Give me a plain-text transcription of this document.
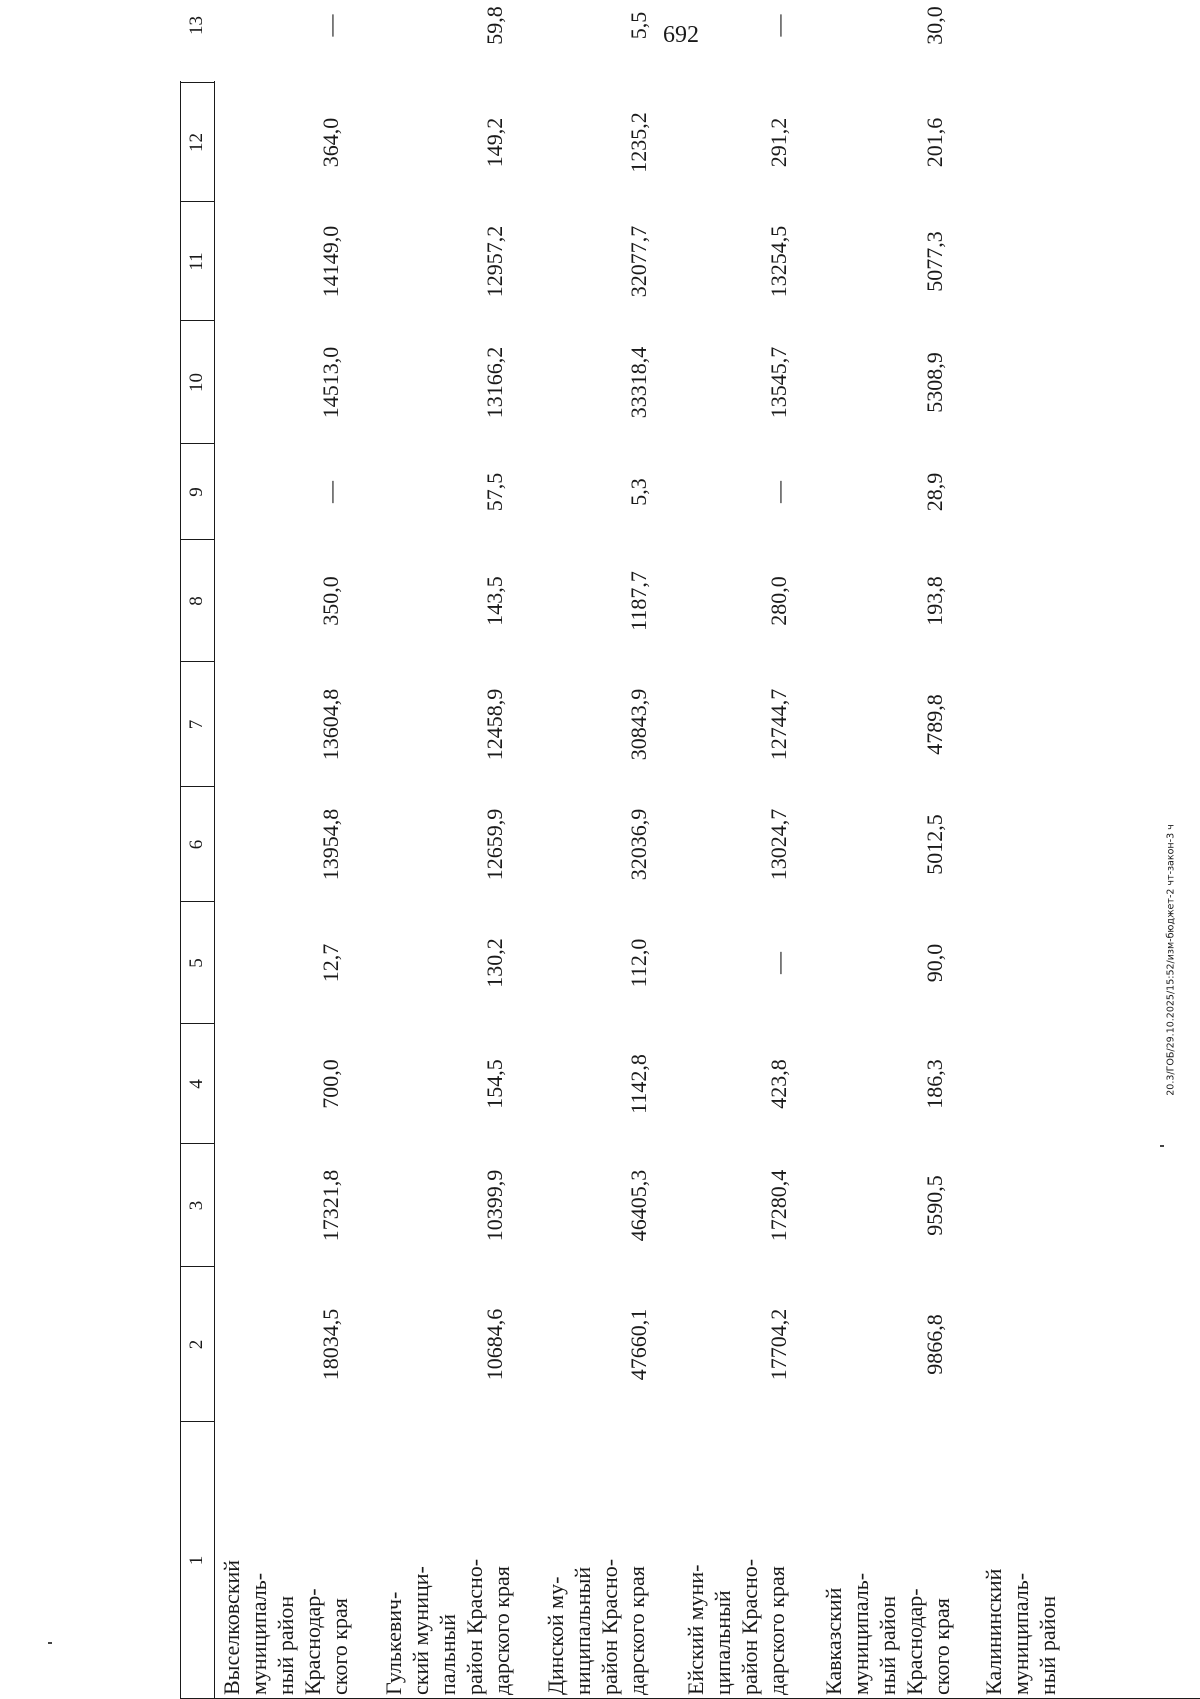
692
20.3/ГОБ/29.10.2025/15:52/изм-бюджет-2 чт-закон-3 ч
1
2
3
4
5
6
7
8
9
10
11
12
13
Выселковский муниципаль- ный район Краснодар- ского края
18034,5
17321,8
700,0
12,7
13954,8
13604,8
350,0
—
14513,0
14149,0
364,0
—
Гулькевич- ский муници- пальный район Красно- дарского края
10684,6
10399,9
154,5
130,2
12659,9
12458,9
143,5
57,5
13166,2
12957,2
149,2
59,8
Динской му- ниципальный район Красно- дарского края
47660,1
46405,3
1142,8
112,0
32036,9
30843,9
1187,7
5,3
33318,4
32077,7
1235,2
5,5
Ейский муни- ципальный район Красно- дарского края
17704,2
17280,4
423,8
—
13024,7
12744,7
280,0
—
13545,7
13254,5
291,2
—
Кавказский муниципаль- ный район Краснодар- ского края
9866,8
9590,5
186,3
90,0
5012,5
4789,8
193,8
28,9
5308,9
5077,3
201,6
30,0
Калининский муниципаль- ный район
